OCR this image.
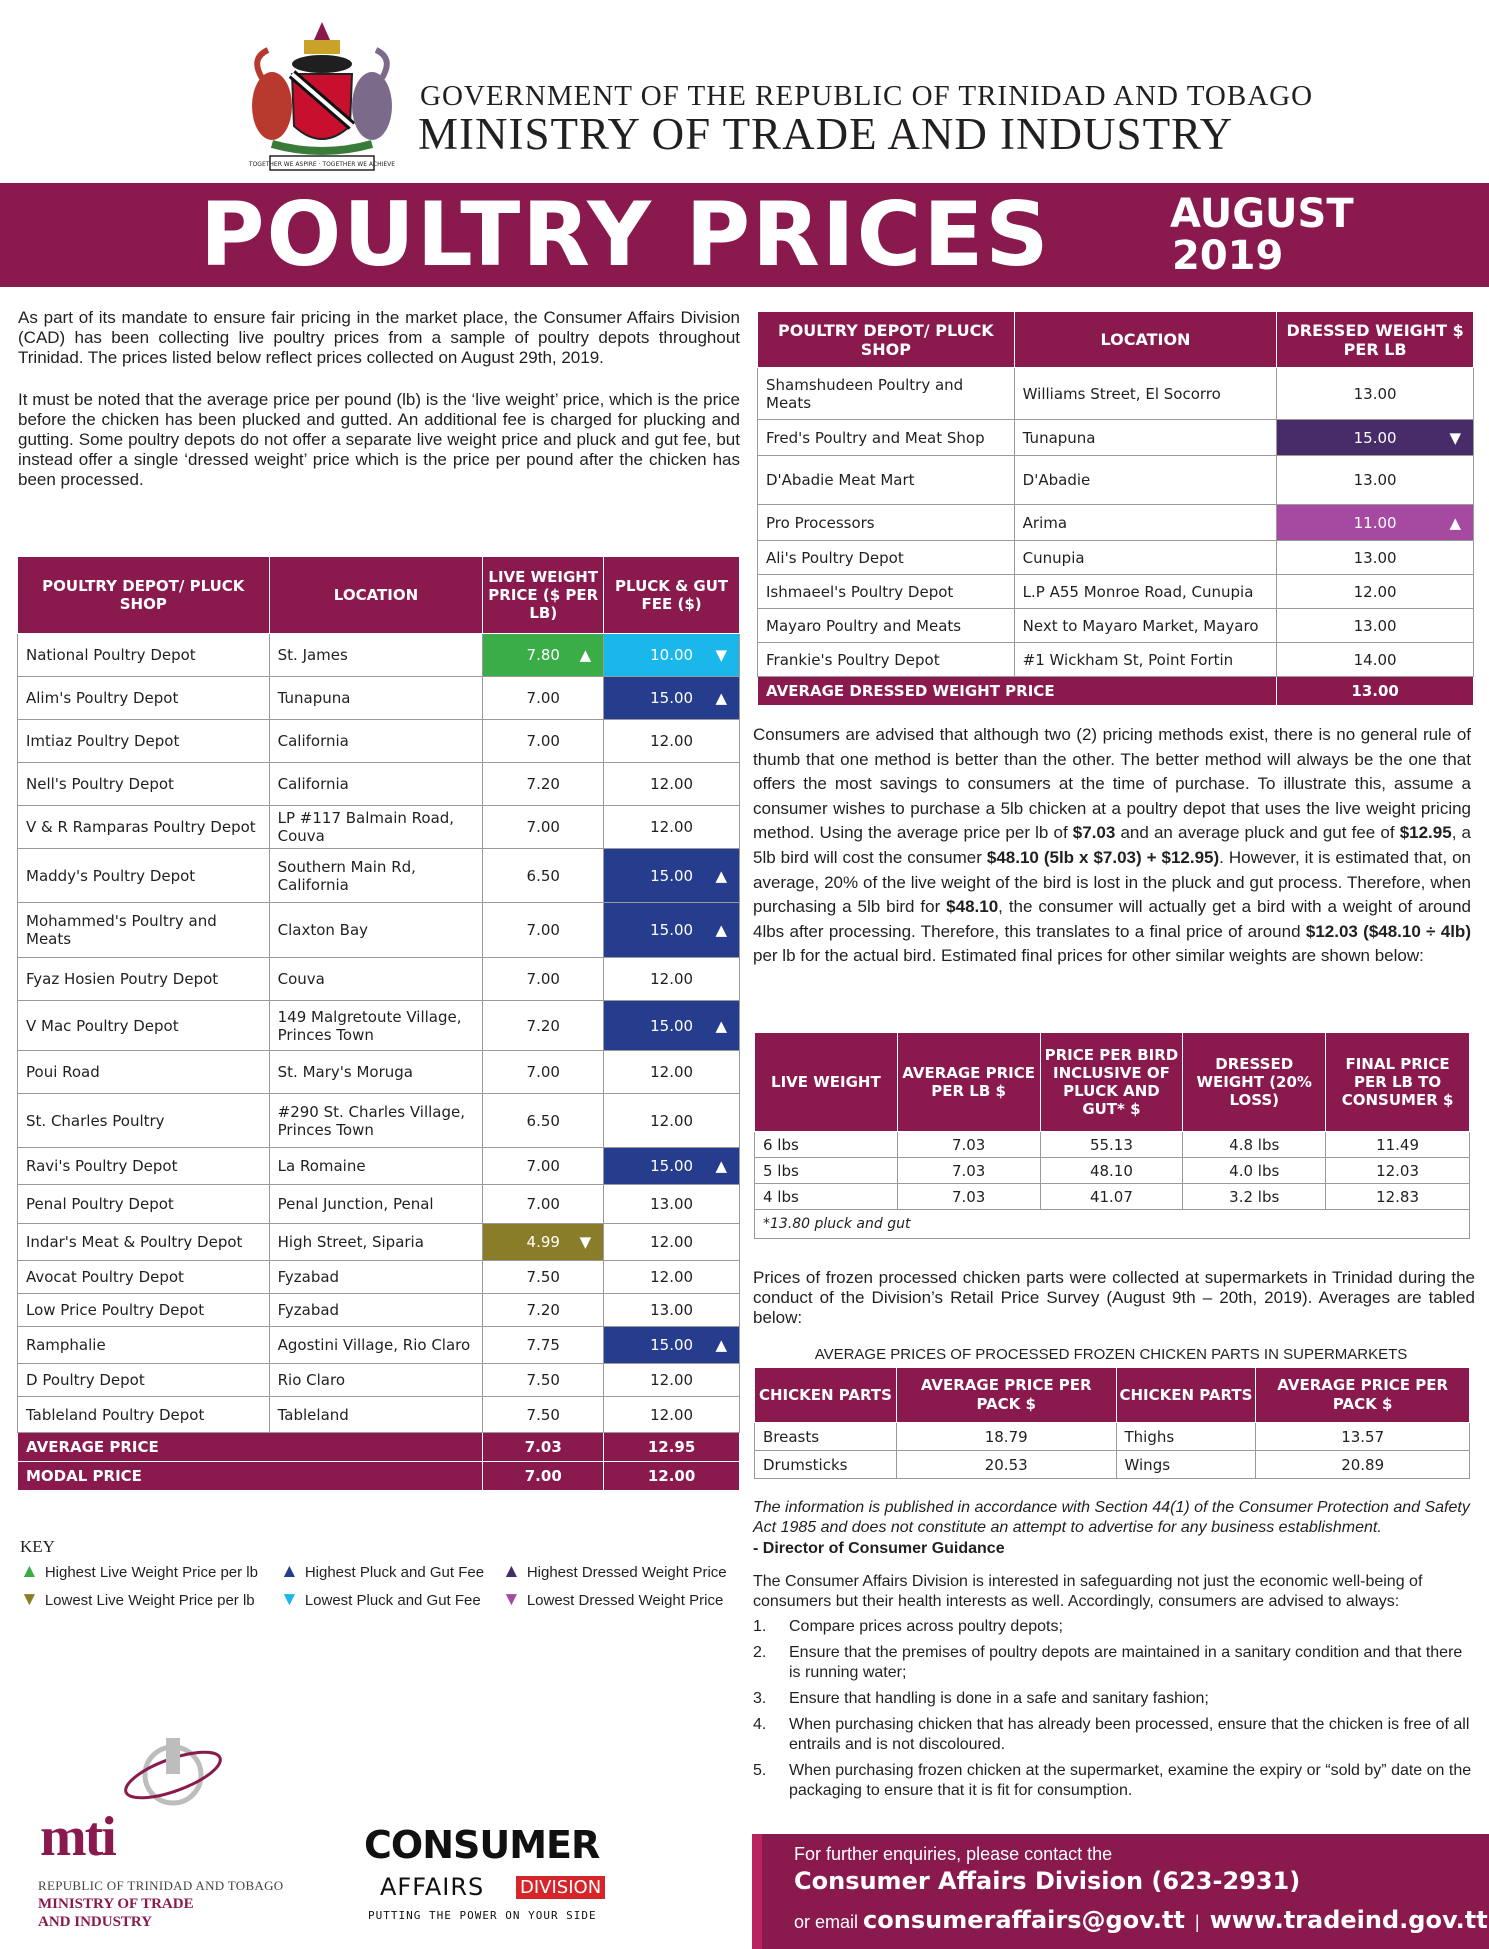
TOGETHER WE ASPIRE · TOGETHER WE ACHIEVE
GOVERNMENT OF THE REPUBLIC OF TRINIDAD AND TOBAGO
MINISTRY OF TRADE AND INDUSTRY
POULTRY PRICES	AUGUST
2019

As part of its mandate to ensure fair pricing in the market place, the Consumer Affairs Division (CAD) has been collecting live poultry prices from a sample of poultry depots throughout Trinidad. The prices listed below reflect prices collected on August 29th, 2019.

It must be noted that the average price per pound (lb) is the ‘live weight’ price, which is the price before the chicken has been plucked and gutted. An additional fee is charged for plucking and gutting. Some poultry depots do not offer a separate live weight price and pluck and gut fee, but instead offer a single ‘dressed weight’ price which is the price per pound after the chicken has been processed.

POULTRY DEPOT/ PLUCK SHOP	LOCATION	LIVE WEIGHT PRICE ($ PER LB)	PLUCK & GUT FEE ($)
National Poultry Depot	St. James	7.80 ▲	10.00 ▼

Alim's Poultry Depot	Tunapuna	7.00	15.00 ▲

Imtiaz Poultry Depot	California	7.00	12.00
Nell's Poultry Depot	California	7.20	12.00
V & R Ramparas Poultry Depot	LP #117 Balmain Road, Couva	7.00	12.00
Maddy's Poultry Depot	Southern Main Rd, California	6.50	15.00 ▲

Mohammed's Poultry and Meats	Claxton Bay	7.00	15.00 ▲

Fyaz Hosien Poutry Depot	Couva	7.00	12.00
V Mac Poultry Depot	149 Malgretoute Village, Princes Town	7.20	15.00 ▲

Poui Road	St. Mary's Moruga	7.00	12.00
St. Charles Poultry	#290 St. Charles Village, Princes Town	6.50	12.00
Ravi's Poultry Depot	La Romaine	7.00	15.00 ▲

Penal Poultry Depot	Penal Junction, Penal	7.00	13.00
Indar's Meat & Poultry Depot	High Street, Siparia	4.99 ▼	12.00
Avocat Poultry Depot	Fyzabad	7.50	12.00
Low Price Poultry Depot	Fyzabad	7.20	13.00
Ramphalie	Agostini Village, Rio Claro	7.75	15.00 ▲

D Poultry Depot	Rio Claro	7.50	12.00
Tableland Poultry Depot	Tableland	7.50	12.00
AVERAGE PRICE		7.03	12.95
MODAL PRICE		7.00	12.00
POULTRY DEPOT/ PLUCK SHOP	LOCATION	DRESSED WEIGHT $ PER LB
Shamshudeen Poultry and Meats	Williams Street, El Socorro	13.00
Fred's Poultry and Meat Shop	Tunapuna	15.00 ▼

D'Abadie Meat Mart	D'Abadie	13.00
Pro Processors	Arima	11.00 ▲

Ali's Poultry Depot	Cunupia	13.00
Ishmaeel's Poultry Depot	L.P A55 Monroe Road, Cunupia	12.00
Mayaro Poultry and Meats	Next to Mayaro Market, Mayaro	13.00
Frankie's Poultry Depot	#1 Wickham St, Point Fortin	14.00
AVERAGE DRESSED WEIGHT PRICE		13.00
Consumers are advised that although two (2) pricing methods exist, there is no general rule of thumb that one method is better than the other. The better method will always be the one that offers the most savings to consumers at the time of purchase. To illustrate this, assume a consumer wishes to purchase a 5lb chicken at a poultry depot that uses the live weight pricing method. Using the average price per lb of $7.03 and an average pluck and gut fee of $12.95, a 5lb bird will cost the consumer $48.10 (5lb x $7.03) + $12.95). However, it is estimated that, on average, 20% of the live weight of the bird is lost in the pluck and gut process. Therefore, when purchasing a 5lb bird for $48.10, the consumer will actually get a bird with a weight of around 4lbs after processing. Therefore, this translates to a final price of around $12.03 ($48.10 ÷ 4lb) per lb for the actual bird. Estimated final prices for other similar weights are shown below:
LIVE WEIGHT	AVERAGE PRICE PER LB $	PRICE PER BIRD INCLUSIVE OF PLUCK AND GUT* $	DRESSED WEIGHT (20% LOSS)	FINAL PRICE PER LB TO CONSUMER $
6 lbs	7.03	55.13	4.8 lbs	11.49
5 lbs	7.03	48.10	4.0 lbs	12.03
4 lbs	7.03	41.07	3.2 lbs	12.83
*13.80 pluck and gut				
Prices of frozen processed chicken parts were collected at supermarkets in Trinidad during the conduct of the Division’s Retail Price Survey (August 9th – 20th, 2019). Averages are tabled below:
AVERAGE PRICES OF PROCESSED FROZEN CHICKEN PARTS IN SUPERMARKETS
CHICKEN PARTS	AVERAGE PRICE PER PACK $	CHICKEN PARTS	AVERAGE PRICE PER PACK $
Breasts	18.79	Thighs	13.57
Drumsticks	20.53	Wings	20.89
The information is published in accordance with Section 44(1) of the Consumer Protection and Safety Act 1985 and does not constitute an attempt to advertise for any business establishment.
- Director of Consumer Guidance
The Consumer Affairs Division is interested in safeguarding not just the economic well-being of consumers but their health interests as well. Accordingly, consumers are advised to always:
1. Compare prices across poultry depots;
2. Ensure that the premises of poultry depots are maintained in a sanitary condition and that there is running water;
3. Ensure that handling is done in a safe and sanitary fashion;
4. When purchasing chicken that has already been processed, ensure that the chicken is free of all entrails and is not discoloured.
5. When purchasing frozen chicken at the supermarket, examine the expiry or “sold by” date on the packaging to ensure that it is fit for consumption.
KEY
▲ Highest Live Weight Price per lb
▼ Lowest Live Weight Price per lb
▲ Highest Pluck and Gut Fee
▼ Lowest Pluck and Gut Fee
▲ Highest Dressed Weight Price
▼ Lowest Dressed Weight Price
mti
REPUBLIC OF TRINIDAD AND TOBAGO
MINISTRY OF TRADE
AND INDUSTRY
CONSUMER
AFFAIRS DIVISION
PUTTING THE POWER ON YOUR SIDE
For further enquiries, please contact the
Consumer Affairs Division (623-2931)
or email consumeraffairs@gov.tt  |  www.tradeind.gov.tt
